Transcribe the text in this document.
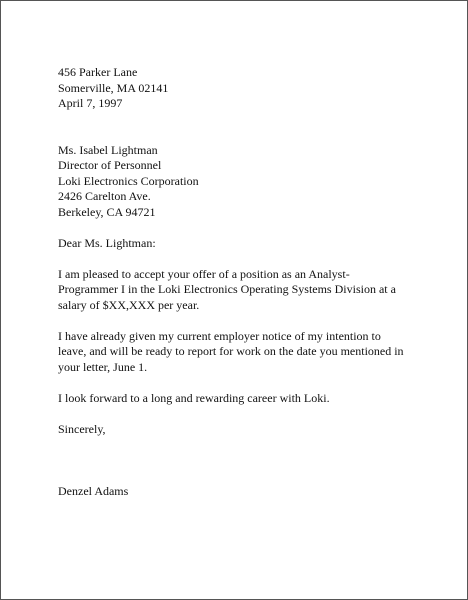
456 Parker Lane
Somerville, MA 02141
April 7, 1997
Ms. Isabel Lightman
Director of Personnel
Loki Electronics Corporation
2426 Carelton Ave.
Berkeley, CA 94721
Dear Ms. Lightman:
I am pleased to accept your offer of a position as an Analyst-
Programmer I in the Loki Electronics Operating Systems Division at a
salary of $XX,XXX per year.
I have already given my current employer notice of my intention to
leave, and will be ready to report for work on the date you mentioned in
your letter, June 1.
I look forward to a long and rewarding career with Loki.
Sincerely,
Denzel Adams
